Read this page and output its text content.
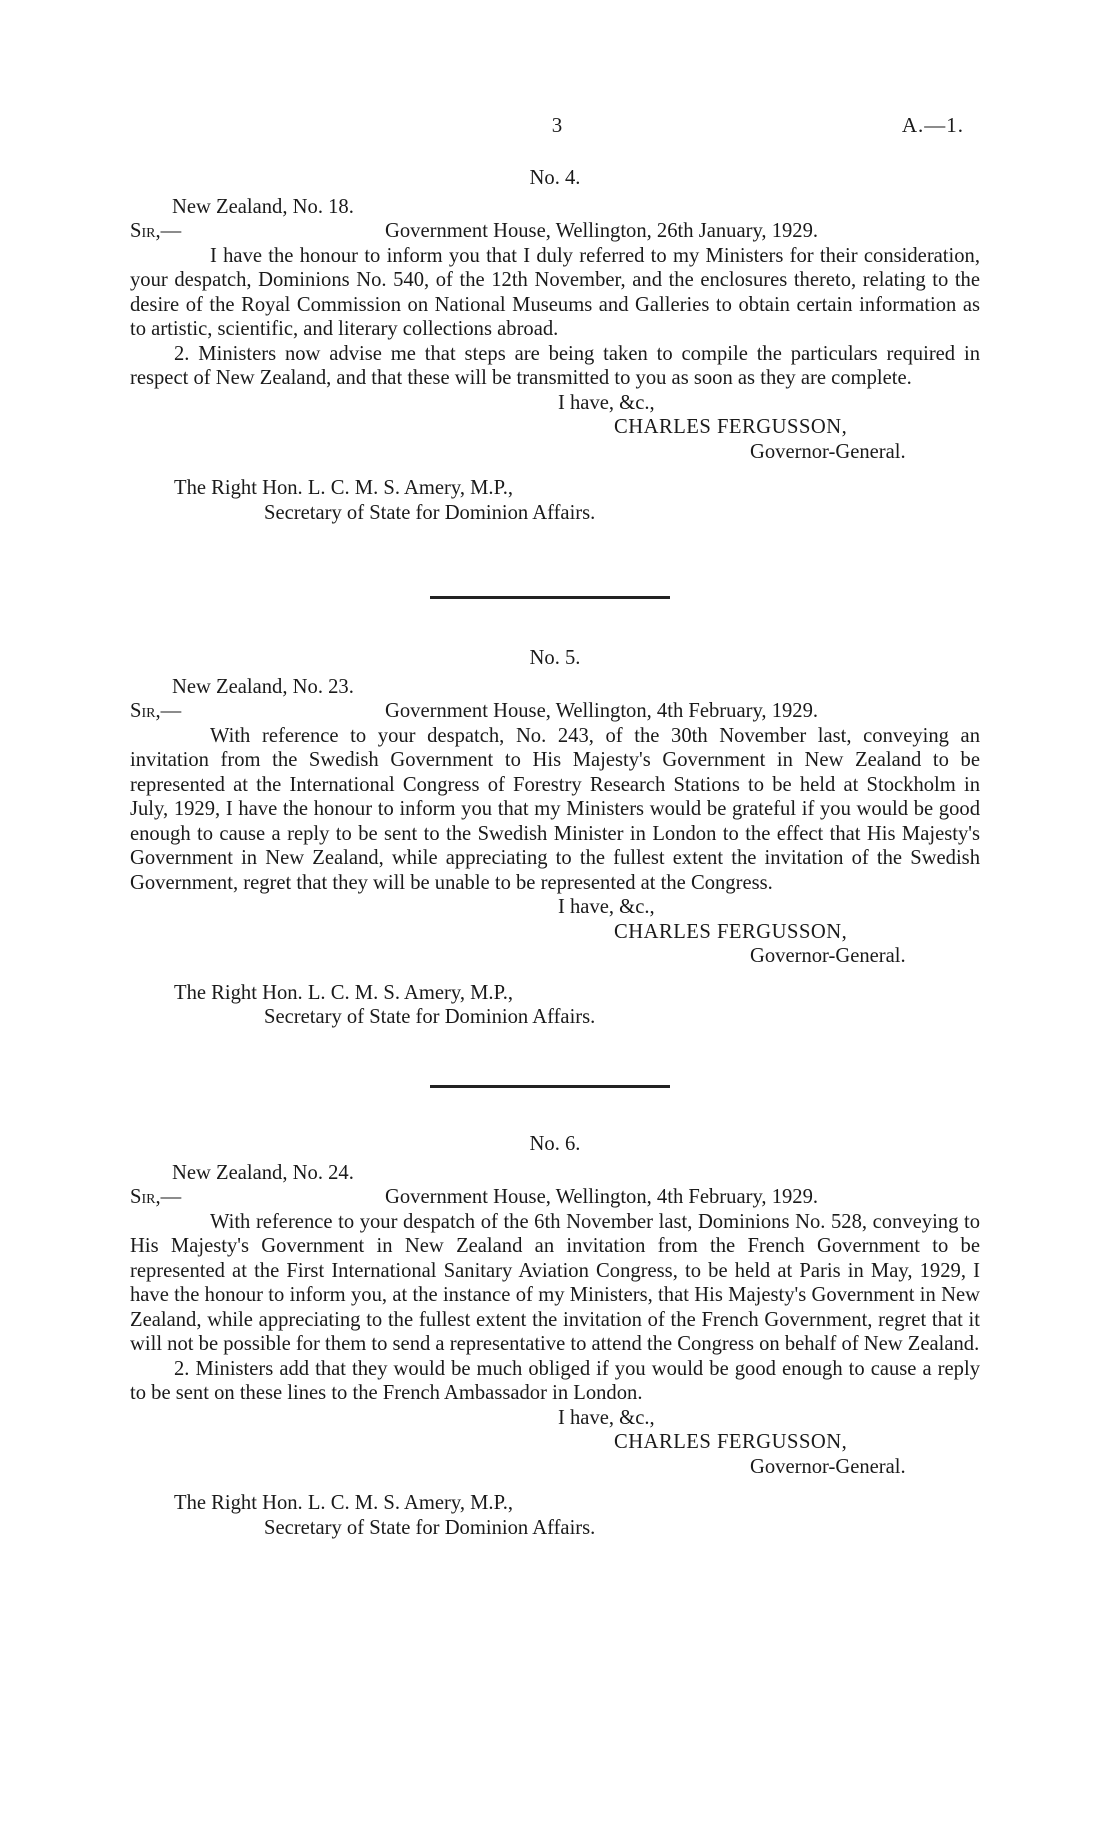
3	A.—1.
No. 4.
New Zealand, No. 18.
Sir,—	Government House, Wellington, 26th January, 1929.

I have the honour to inform you that I duly referred to my Ministers for their consideration, your despatch, Dominions No. 540, of the 12th November, and the enclosures thereto, relating to the desire of the Royal Commission on National Museums and Galleries to obtain certain information as to artistic, scientific, and literary collections abroad.

2. Ministers now advise me that steps are being taken to compile the particulars required in respect of New Zealand, and that these will be transmitted to you as soon as they are complete.

I have, &c.,
CHARLES FERGUSSON,
Governor-General.
The Right Hon. L. C. M. S. Amery, M.P.,
Secretary of State for Dominion Affairs.
No. 5.
New Zealand, No. 23.
Sir,—	Government House, Wellington, 4th February, 1929.

With reference to your despatch, No. 243, of the 30th November last, conveying an invitation from the Swedish Government to His Majesty's Government in New Zealand to be represented at the International Congress of Forestry Research Stations to be held at Stockholm in July, 1929, I have the honour to inform you that my Ministers would be grateful if you would be good enough to cause a reply to be sent to the Swedish Minister in London to the effect that His Majesty's Government in New Zealand, while appreciating to the fullest extent the invitation of the Swedish Government, regret that they will be unable to be represented at the Congress.

I have, &c.,
CHARLES FERGUSSON,
Governor-General.
The Right Hon. L. C. M. S. Amery, M.P.,
Secretary of State for Dominion Affairs.
No. 6.
New Zealand, No. 24.
Sir,—	Government House, Wellington, 4th February, 1929.

With reference to your despatch of the 6th November last, Dominions No. 528, conveying to His Majesty's Government in New Zealand an invitation from the French Government to be represented at the First International Sanitary Aviation Congress, to be held at Paris in May, 1929, I have the honour to inform you, at the instance of my Ministers, that His Majesty's Government in New Zealand, while appreciating to the fullest extent the invitation of the French Government, regret that it will not be possible for them to send a representative to attend the Congress on behalf of New Zealand.

2. Ministers add that they would be much obliged if you would be good enough to cause a reply to be sent on these lines to the French Ambassador in London.

I have, &c.,
CHARLES FERGUSSON,
Governor-General.
The Right Hon. L. C. M. S. Amery, M.P.,
Secretary of State for Dominion Affairs.
